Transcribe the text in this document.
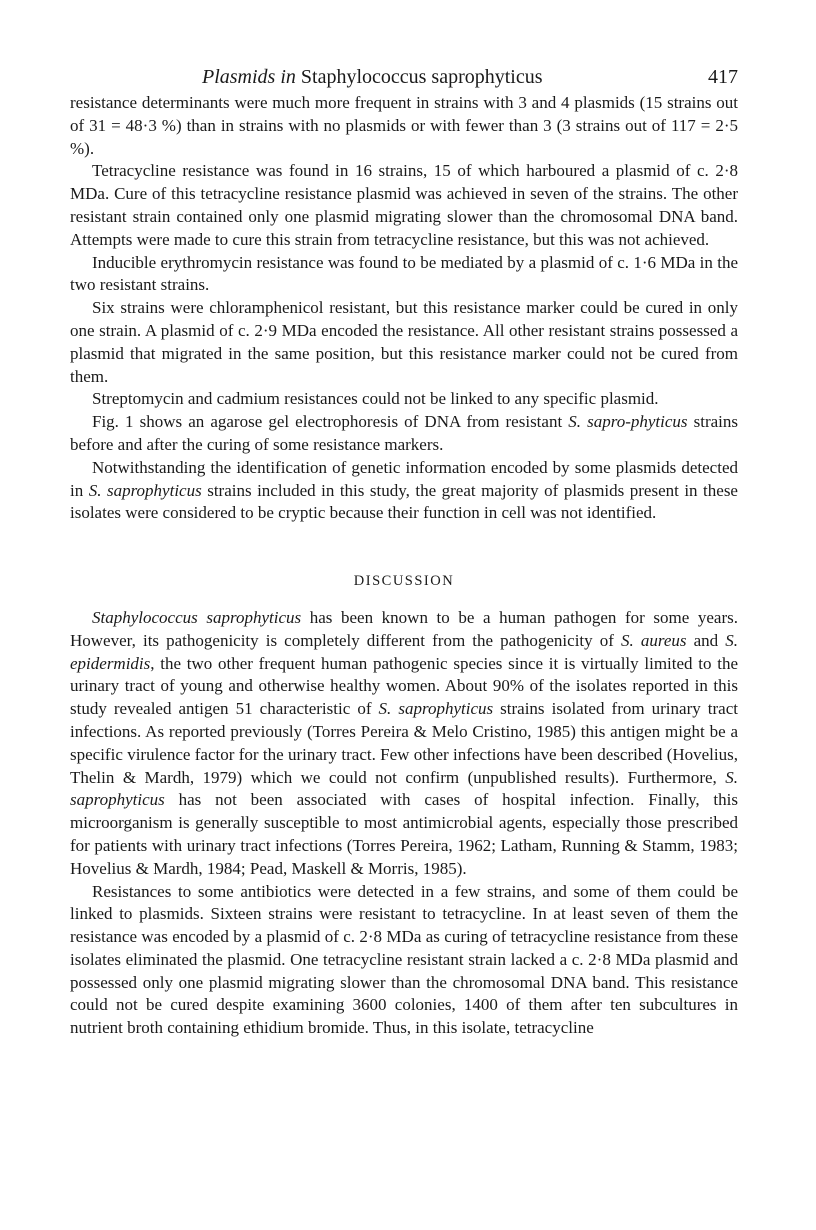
Plasmids in Staphylococcus saprophyticus	417

resistance determinants were much more frequent in strains with 3 and 4 plasmids (15 strains out of 31 = 48·3 %) than in strains with no plasmids or with fewer than 3 (3 strains out of 117 = 2·5 %).

Tetracycline resistance was found in 16 strains, 15 of which harboured a plasmid of c. 2·8 MDa. Cure of this tetracycline resistance plasmid was achieved in seven of the strains. The other resistant strain contained only one plasmid migrating slower than the chromosomal DNA band. Attempts were made to cure this strain from tetracycline resistance, but this was not achieved.

Inducible erythromycin resistance was found to be mediated by a plasmid of c. 1·6 MDa in the two resistant strains.

Six strains were chloramphenicol resistant, but this resistance marker could be cured in only one strain. A plasmid of c. 2·9 MDa encoded the resistance. All other resistant strains possessed a plasmid that migrated in the same position, but this resistance marker could not be cured from them.

Streptomycin and cadmium resistances could not be linked to any specific plasmid.

Fig. 1 shows an agarose gel electrophoresis of DNA from resistant S. sapro-phyticus strains before and after the curing of some resistance markers.

Notwithstanding the identification of genetic information encoded by some plasmids detected in S. saprophyticus strains included in this study, the great majority of plasmids present in these isolates were considered to be cryptic because their function in cell was not identified.

DISCUSSION

Staphylococcus saprophyticus has been known to be a human pathogen for some years. However, its pathogenicity is completely different from the pathogenicity of S. aureus and S. epidermidis, the two other frequent human pathogenic species since it is virtually limited to the urinary tract of young and otherwise healthy women. About 90% of the isolates reported in this study revealed antigen 51 characteristic of S. saprophyticus strains isolated from urinary tract infections. As reported previously (Torres Pereira & Melo Cristino, 1985) this antigen might be a specific virulence factor for the urinary tract. Few other infections have been described (Hovelius, Thelin & Mardh, 1979) which we could not confirm (unpublished results). Furthermore, S. saprophyticus has not been associated with cases of hospital infection. Finally, this microorganism is generally susceptible to most antimicrobial agents, especially those prescribed for patients with urinary tract infections (Torres Pereira, 1962; Latham, Running & Stamm, 1983; Hovelius & Mardh, 1984; Pead, Maskell & Morris, 1985).

Resistances to some antibiotics were detected in a few strains, and some of them could be linked to plasmids. Sixteen strains were resistant to tetracycline. In at least seven of them the resistance was encoded by a plasmid of c. 2·8 MDa as curing of tetracycline resistance from these isolates eliminated the plasmid. One tetracycline resistant strain lacked a c. 2·8 MDa plasmid and possessed only one plasmid migrating slower than the chromosomal DNA band. This resistance could not be cured despite examining 3600 colonies, 1400 of them after ten subcultures in nutrient broth containing ethidium bromide. Thus, in this isolate, tetracycline
